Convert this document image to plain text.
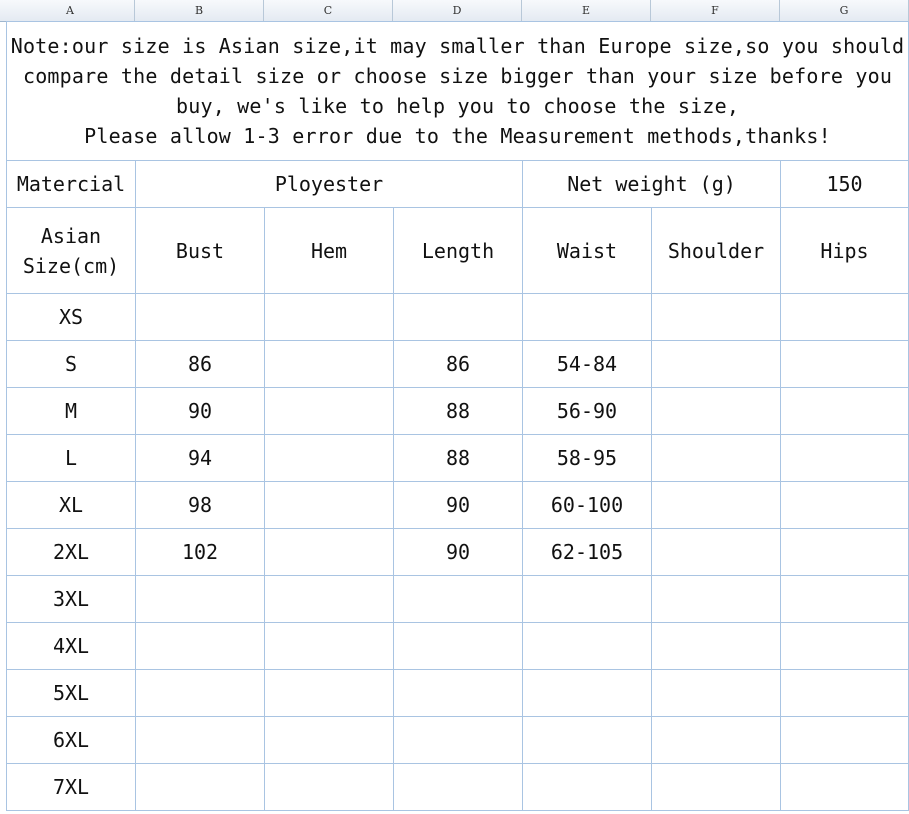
A	B	C	D	E	F	G
Note:our size is Asian size,it may smaller than Europe size,so you should
compare the detail size or choose size bigger than your size before you
buy, we's like to help you to choose the size,
Please allow 1-3 error due to the Measurement methods,thanks!						

Matercial	Ployester			Net weight (g)		150

Asian
Size(cm)	Bust	Hem	Length	Waist	Shoulder	Hips
XS						
S	86		86	54-84		
M	90		88	56-90		
L	94		88	58-95		
XL	98		90	60-100		
2XL	102		90	62-105		
3XL						
4XL						
5XL						
6XL						
7XL						
